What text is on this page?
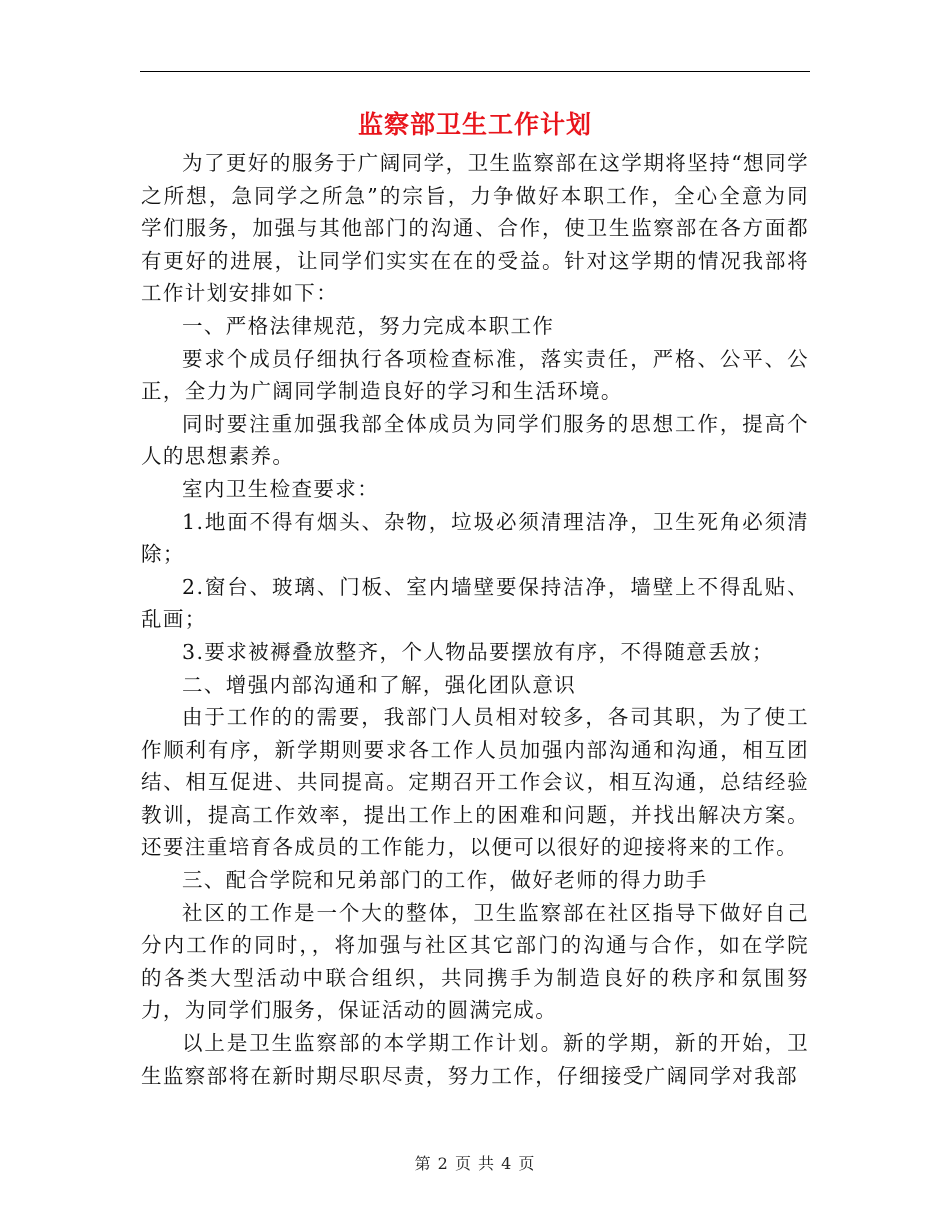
监察部卫生工作计划

为了更好的服务于广阔同学，卫生监察部在这学期将坚持“想同学之所想，急同学之所急”的宗旨，力争做好本职工作，全心全意为同学们服务，加强与其他部门的沟通、合作，使卫生监察部在各方面都有更好的进展，让同学们实实在在的受益。针对这学期的情况我部将工作计划安排如下：

一、严格法律规范，努力完成本职工作

要求个成员仔细执行各项检查标准，落实责任，严格、公平、公正，全力为广阔同学制造良好的学习和生活环境。

同时要注重加强我部全体成员为同学们服务的思想工作，提高个人的思想素养。

室内卫生检查要求：

1.地面不得有烟头、杂物，垃圾必须清理洁净，卫生死角必须清除；

2.窗台、玻璃、门板、室内墙壁要保持洁净，墙壁上不得乱贴、乱画；

3.要求被褥叠放整齐，个人物品要摆放有序，不得随意丢放；

二、增强内部沟通和了解，强化团队意识

由于工作的的需要，我部门人员相对较多，各司其职，为了使工作顺利有序，新学期则要求各工作人员加强内部沟通和沟通，相互团结、相互促进、共同提高。定期召开工作会议，相互沟通，总结经验教训，提高工作效率，提出工作上的困难和问题，并找出解决方案。还要注重培育各成员的工作能力，以便可以很好的迎接将来的工作。

三、配合学院和兄弟部门的工作，做好老师的得力助手

社区的工作是一个大的整体，卫生监察部在社区指导下做好自己分内工作的同时，，将加强与社区其它部门的沟通与合作，如在学院的各类大型活动中联合组织，共同携手为制造良好的秩序和氛围努力，为同学们服务，保证活动的圆满完成。

以上是卫生监察部的本学期工作计划。新的学期，新的开始，卫生监察部将在新时期尽职尽责，努力工作，仔细接受广阔同学对我部

第 2 页 共 4 页
